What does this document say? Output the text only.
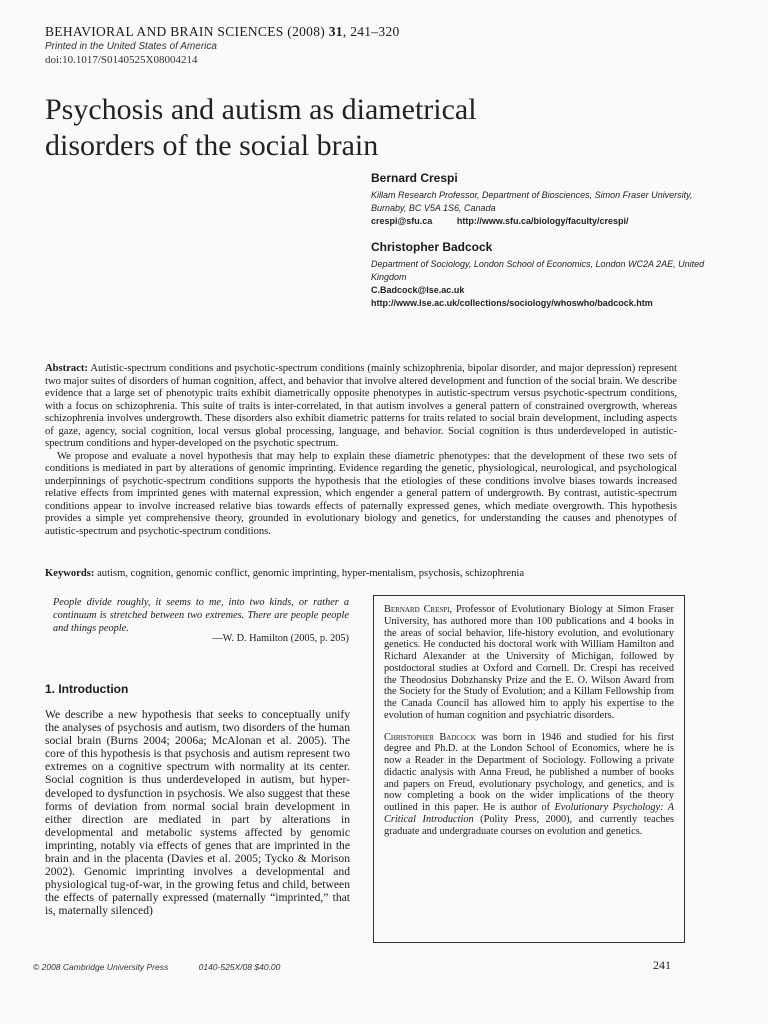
BEHAVIORAL AND BRAIN SCIENCES (2008) 31, 241–320
Printed in the United States of America
doi:10.1017/S0140525X08004214
Psychosis and autism as diametrical disorders of the social brain
Bernard Crespi
Killam Research Professor, Department of Biosciences, Simon Fraser University, Burnaby, BC V5A 1S6, Canada
crespi@sfu.ca	http://www.sfu.ca/biology/faculty/crespi/
Christopher Badcock
Department of Sociology, London School of Economics, London WC2A 2AE, United Kingdom
C.Badcock@lse.ac.uk
http://www.lse.ac.uk/collections/sociology/whoswho/badcock.htm

Abstract: Autistic-spectrum conditions and psychotic-spectrum conditions (mainly schizophrenia, bipolar disorder, and major depression) represent two major suites of disorders of human cognition, affect, and behavior that involve altered development and function of the social brain. We describe evidence that a large set of phenotypic traits exhibit diametrically opposite phenotypes in autistic-spectrum versus psychotic-spectrum conditions, with a focus on schizophrenia. This suite of traits is inter-correlated, in that autism involves a general pattern of constrained overgrowth, whereas schizophrenia involves undergrowth. These disorders also exhibit diametric patterns for traits related to social brain development, including aspects of gaze, agency, social cognition, local versus global processing, language, and behavior. Social cognition is thus underdeveloped in autistic-spectrum conditions and hyper-developed on the psychotic spectrum.

We propose and evaluate a novel hypothesis that may help to explain these diametric phenotypes: that the development of these two sets of conditions is mediated in part by alterations of genomic imprinting. Evidence regarding the genetic, physiological, neurological, and psychological underpinnings of psychotic-spectrum conditions supports the hypothesis that the etiologies of these conditions involve biases towards increased relative effects from imprinted genes with maternal expression, which engender a general pattern of undergrowth. By contrast, autistic-spectrum conditions appear to involve increased relative bias towards effects of paternally expressed genes, which mediate overgrowth. This hypothesis provides a simple yet comprehensive theory, grounded in evolutionary biology and genetics, for understanding the causes and phenotypes of autistic-spectrum and psychotic-spectrum conditions.

Keywords: autism, cognition, genomic conflict, genomic imprinting, hyper-mentalism, psychosis, schizophrenia
People divide roughly, it seems to me, into two kinds, or rather a continuum is stretched between two extremes. There are people people and things people.
—W. D. Hamilton (2005, p. 205)
1. Introduction
We describe a new hypothesis that seeks to conceptually unify the analyses of psychosis and autism, two disorders of the human social brain (Burns 2004; 2006a; McAlonan et al. 2005). The core of this hypothesis is that psychosis and autism represent two extremes on a cognitive spectrum with normality at its center. Social cognition is thus underdeveloped in autism, but hyper-developed to dysfunction in psychosis. We also suggest that these forms of deviation from normal social brain development in either direction are mediated in part by alterations in developmental and metabolic systems affected by genomic imprinting, notably via effects of genes that are imprinted in the brain and in the placenta (Davies et al. 2005; Tycko & Morison 2002). Genomic imprinting involves a developmental and physiological tug-of-war, in the growing fetus and child, between the effects of paternally expressed (maternally “imprinted,” that is, maternally silenced)

Bernard Crespi, Professor of Evolutionary Biology at Simon Fraser University, has authored more than 100 publications and 4 books in the areas of social behavior, life-history evolution, and evolutionary genetics. He conducted his doctoral work with William Hamilton and Richard Alexander at the University of Michigan, followed by postdoctoral studies at Oxford and Cornell. Dr. Crespi has received the Theodosius Dobzhansky Prize and the E. O. Wilson Award from the Society for the Study of Evolution; and a Killam Fellowship from the Canada Council has allowed him to apply his expertise to the evolution of human cognition and psychiatric disorders.

Christopher Badcock was born in 1946 and studied for his first degree and Ph.D. at the London School of Economics, where he is now a Reader in the Department of Sociology. Following a private didactic analysis with Anna Freud, he published a number of books and papers on Freud, evolutionary psychology, and genetics, and is now completing a book on the wider implications of the theory outlined in this paper. He is author of Evolutionary Psychology: A Critical Introduction (Polity Press, 2000), and currently teaches graduate and undergraduate courses on evolution and genetics.

© 2008 Cambridge University Press	0140-525X/08 $40.00	241
